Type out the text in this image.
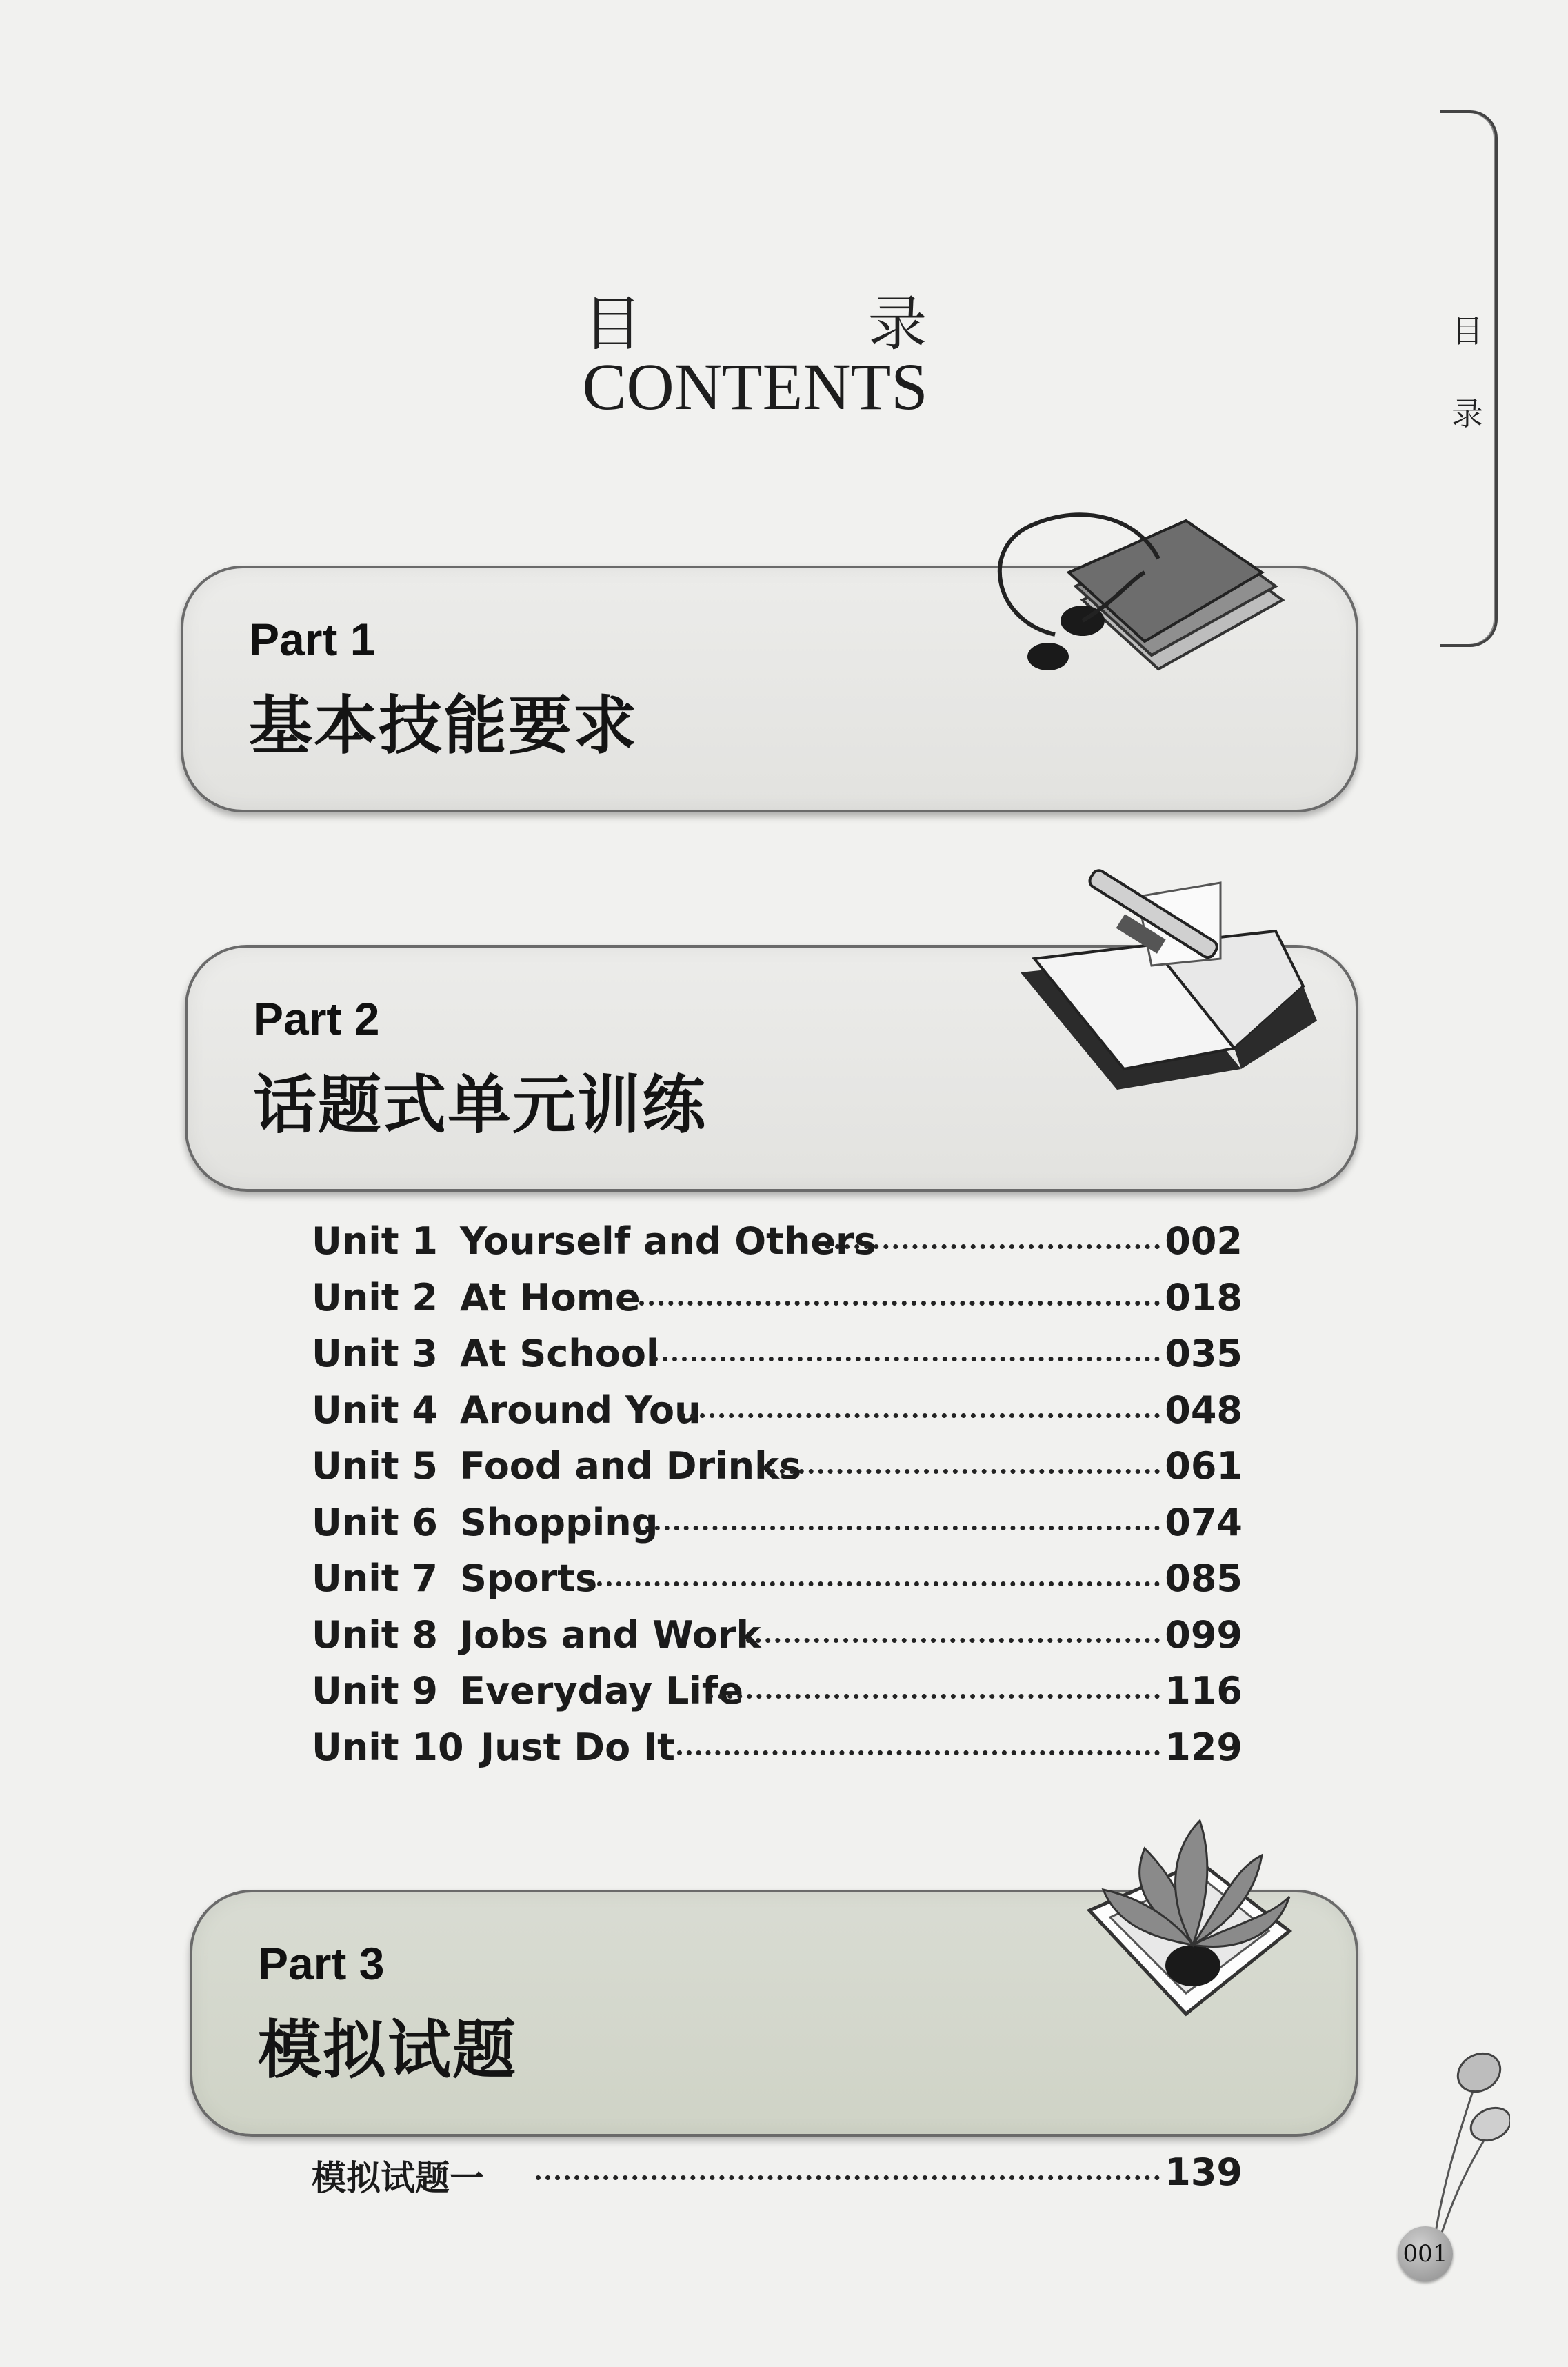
目 录
CONTENTS
目
录
Part 1
基本技能要求
Part 2
话题式单元训练
Unit 1 Yourself and Others	002
Unit 2 At Home	018
Unit 3 At School	035
Unit 4 Around You	048
Unit 5 Food and Drinks	061
Unit 6 Shopping	074
Unit 7 Sports	085
Unit 8 Jobs and Work	099
Unit 9 Everyday Life	116
Unit 10 Just Do It	129
Part 3
模拟试题
模拟试题一	139
001
